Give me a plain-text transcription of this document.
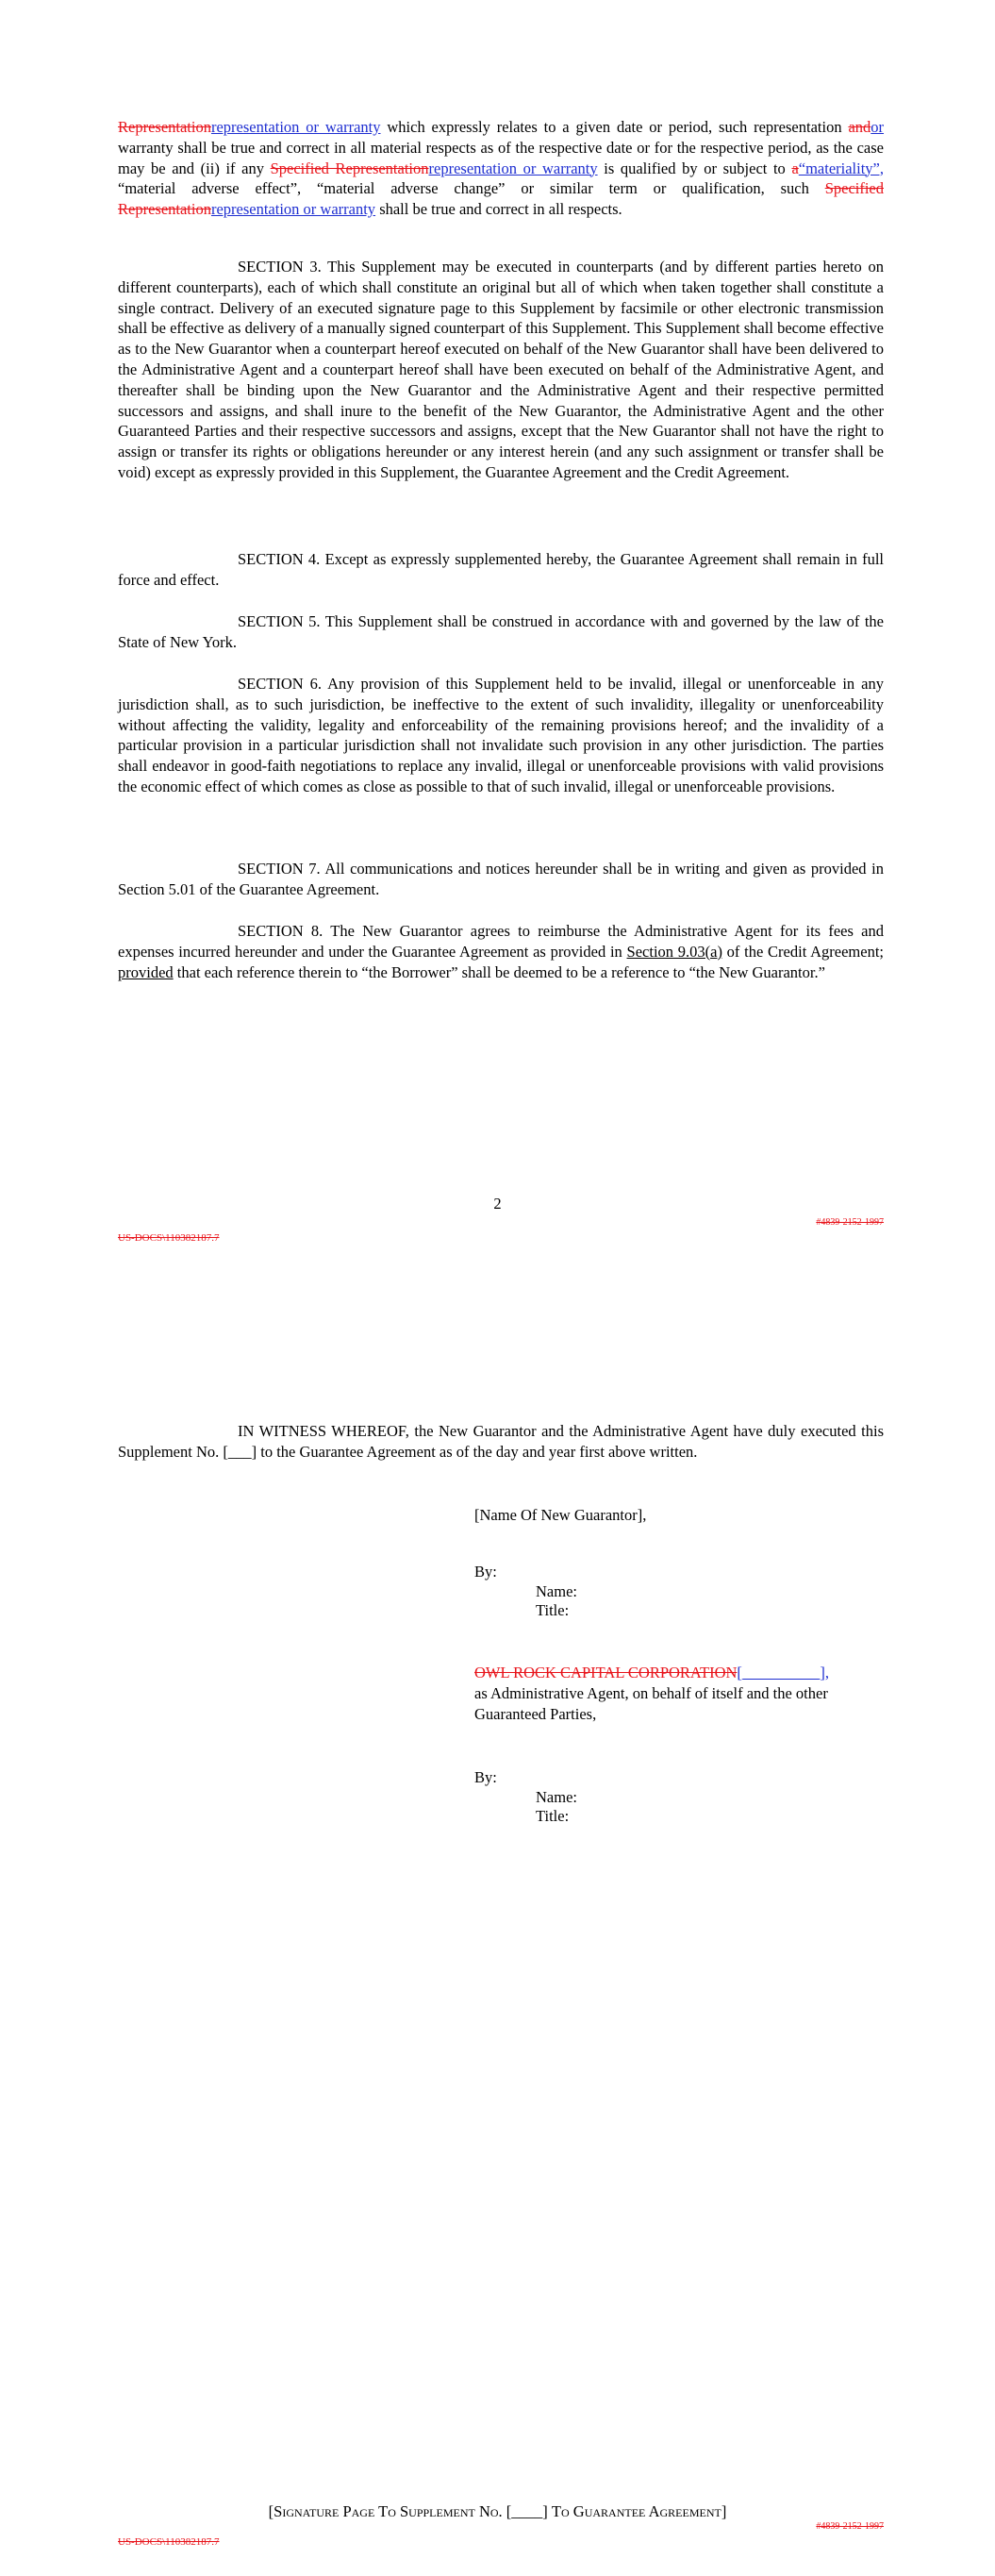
Representationrepresentation or warranty which expressly relates to a given date or period, such representation andor warranty shall be true and correct in all material respects as of the respective date or for the respective period, as the case may be and (ii) if any Specified Representationrepresentation or warranty is qualified by or subject to a“materiality”, “material adverse effect”, “material adverse change” or similar term or qualification, such Specified Representationrepresentation or warranty shall be true and correct in all respects.

SECTION 3. This Supplement may be executed in counterparts (and by different parties hereto on different counterparts), each of which shall constitute an original but all of which when taken together shall constitute a single contract. Delivery of an executed signature page to this Supplement by facsimile or other electronic transmission shall be effective as delivery of a manually signed counterpart of this Supplement. This Supplement shall become effective as to the New Guarantor when a counterpart hereof executed on behalf of the New Guarantor shall have been delivered to the Administrative Agent and a counterpart hereof shall have been executed on behalf of the Administrative Agent, and thereafter shall be binding upon the New Guarantor and the Administrative Agent and their respective permitted successors and assigns, and shall inure to the benefit of the New Guarantor, the Administrative Agent and the other Guaranteed Parties and their respective successors and assigns, except that the New Guarantor shall not have the right to assign or transfer its rights or obligations hereunder or any interest herein (and any such assignment or transfer shall be void) except as expressly provided in this Supplement, the Guarantee Agreement and the Credit Agreement.

SECTION 4. Except as expressly supplemented hereby, the Guarantee Agreement shall remain in full force and effect.

SECTION 5. This Supplement shall be construed in accordance with and governed by the law of the State of New York.

SECTION 6. Any provision of this Supplement held to be invalid, illegal or unenforceable in any jurisdiction shall, as to such jurisdiction, be ineffective to the extent of such invalidity, illegality or unenforceability without affecting the validity, legality and enforceability of the remaining provisions hereof; and the invalidity of a particular provision in a particular jurisdiction shall not invalidate such provision in any other jurisdiction. The parties shall endeavor in good-faith negotiations to replace any invalid, illegal or unenforceable provisions with valid provisions the economic effect of which comes as close as possible to that of such invalid, illegal or unenforceable provisions.

SECTION 7. All communications and notices hereunder shall be in writing and given as provided in Section 5.01 of the Guarantee Agreement.

SECTION 8. The New Guarantor agrees to reimburse the Administrative Agent for its fees and expenses incurred hereunder and under the Guarantee Agreement as provided in Section 9.03(a) of the Credit Agreement; provided that each reference therein to “the Borrower” shall be deemed to be a reference to “the New Guarantor.”

2
#4839-2152-1997
US-DOCS\110382187.7

IN WITNESS WHEREOF, the New Guarantor and the Administrative Agent have duly executed this Supplement No. [___] to the Guarantee Agreement as of the day and year first above written.

[Name Of New Guarantor],
By:
Name:
Title:
OWL ROCK CAPITAL CORPORATION[__________],
as Administrative Agent, on behalf of itself and the other Guaranteed Parties,
By:
Name:
Title:
[Signature Page To Supplement No. [____] To Guarantee Agreement]
#4839-2152-1997
US-DOCS\110382187.7
